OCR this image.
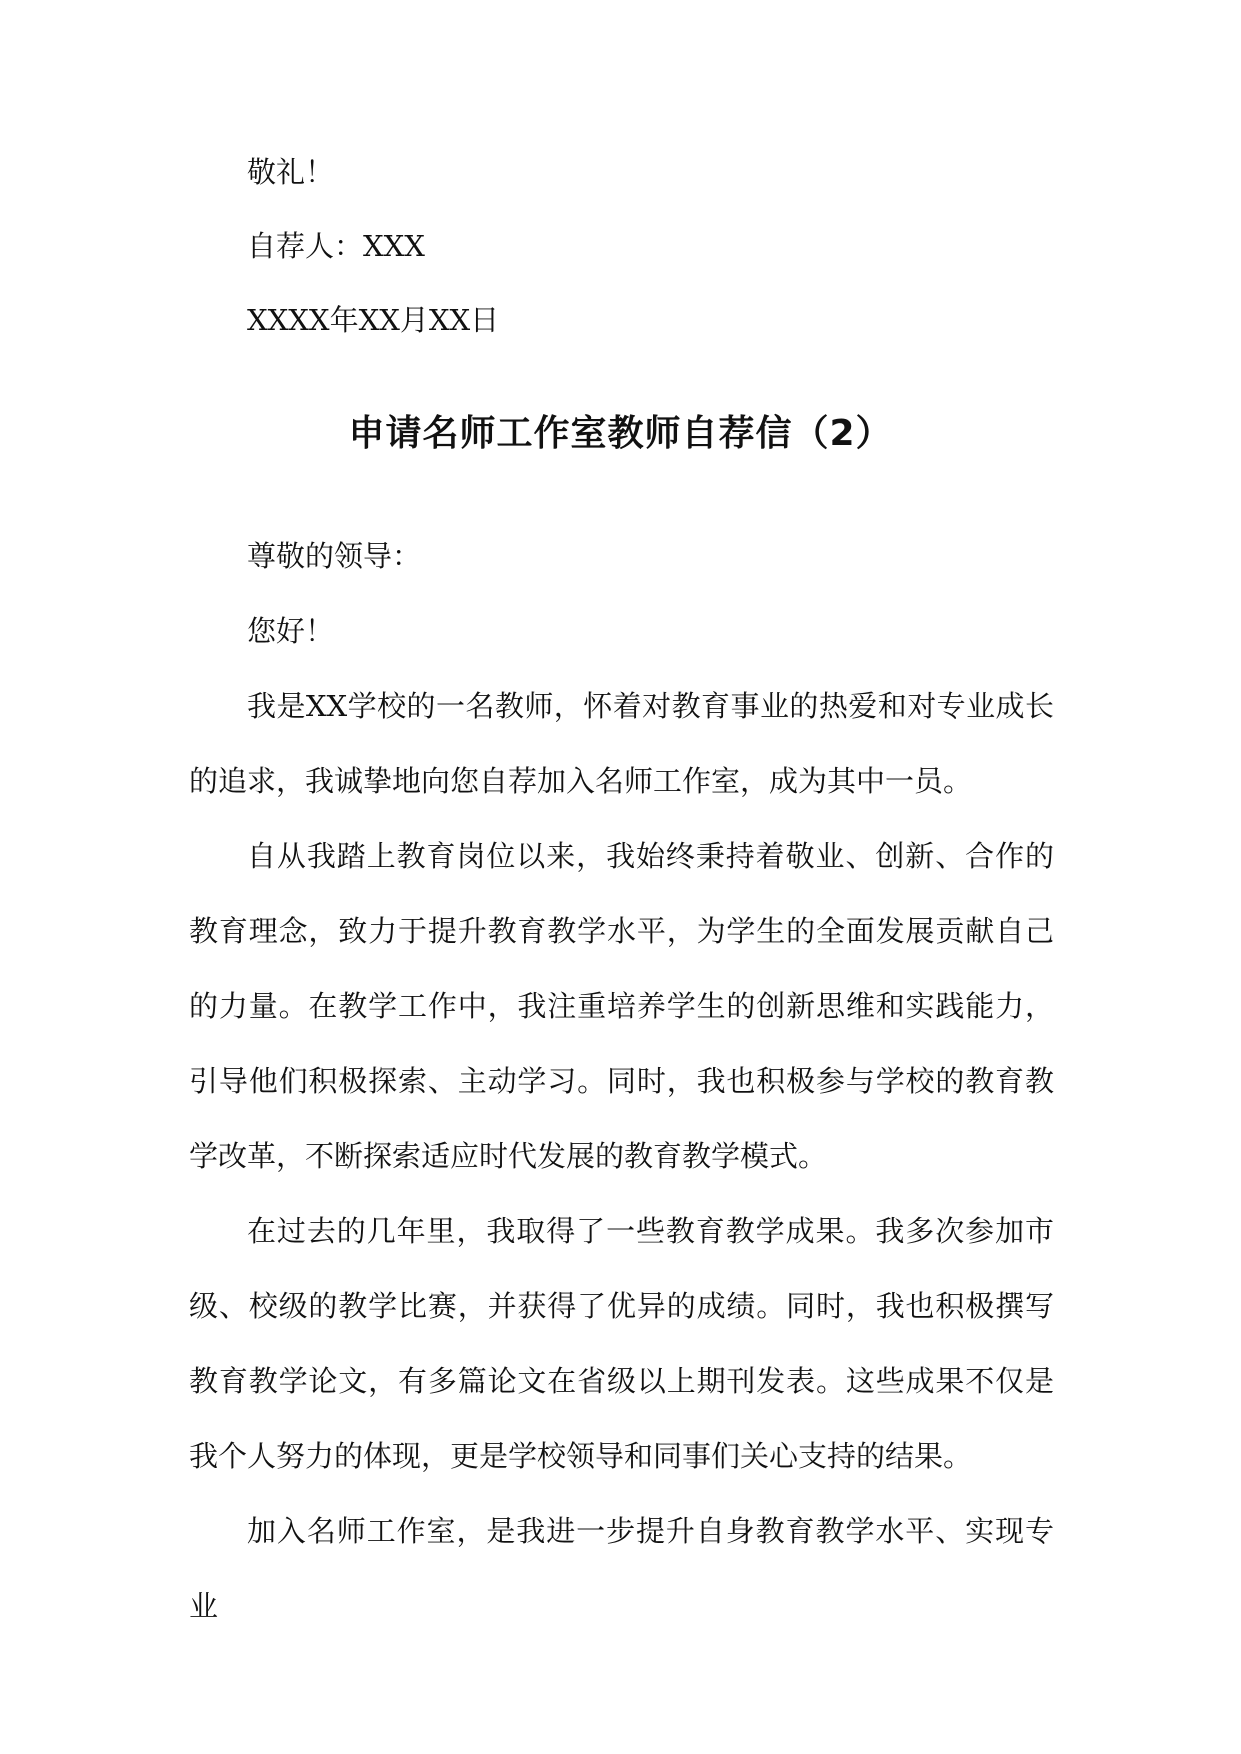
敬礼！
自荐人：XXX
XXXX年XX月XX日
申请名师工作室教师自荐信（2）
尊敬的领导：
您好！

我是XX学校的一名教师，怀着对教育事业的热爱和对专业成长的追求，我诚挚地向您自荐加入名师工作室，成为其中一员。

自从我踏上教育岗位以来，我始终秉持着敬业、创新、合作的教育理念，致力于提升教育教学水平，为学生的全面发展贡献自己的力量。在教学工作中，我注重培养学生的创新思维和实践能力，引导他们积极探索、主动学习。同时，我也积极参与学校的教育教学改革，不断探索适应时代发展的教育教学模式。

在过去的几年里，我取得了一些教育教学成果。我多次参加市级、校级的教学比赛，并获得了优异的成绩。同时，我也积极撰写教育教学论文，有多篇论文在省级以上期刊发表。这些成果不仅是我个人努力的体现，更是学校领导和同事们关心支持的结果。

加入名师工作室，是我进一步提升自身教育教学水平、实现专业
